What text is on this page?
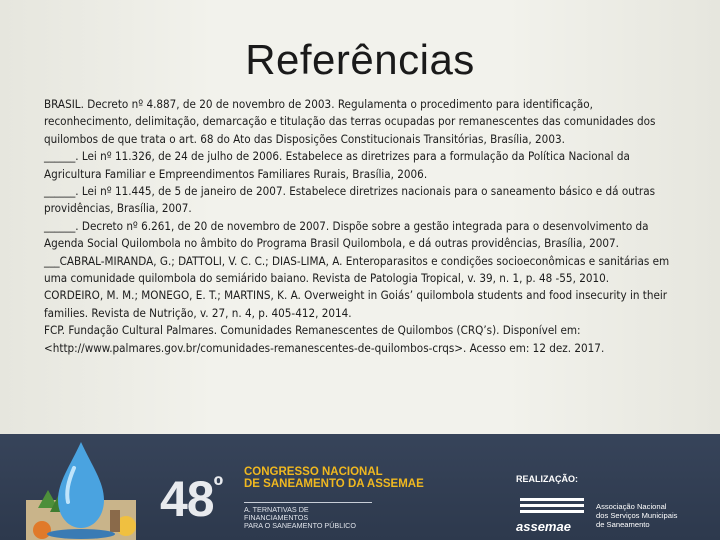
Referências

BRASIL. Decreto nº 4.887, de 20 de novembro de 2003. Regulamenta o procedimento para identificação, reconhecimento, delimitação, demarcação e titulação das terras ocupadas por remanescentes das comunidades dos quilombos de que trata o art. 68 do Ato das Disposições Constitucionais Transitórias, Brasília, 2003.

______. Lei nº 11.326, de 24 de julho de 2006. Estabelece as diretrizes para a formulação da Política Nacional da Agricultura Familiar e Empreendimentos Familiares Rurais, Brasília, 2006.

______. Lei nº 11.445, de 5 de janeiro de 2007. Estabelece diretrizes nacionais para o saneamento básico e dá outras providências, Brasília, 2007.

______. Decreto nº 6.261, de 20 de novembro de 2007. Dispõe sobre a gestão integrada para o desenvolvimento da Agenda Social Quilombola no âmbito do Programa Brasil Quilombola, e dá outras providências, Brasília, 2007.

___CABRAL-MIRANDA, G.; DATTOLI, V. C. C.; DIAS-LIMA, A. Enteroparasitos e condições socioeconômicas e sanitárias em uma comunidade quilombola do semiárido baiano. Revista de Patologia Tropical, v. 39, n. 1, p. 48 -55, 2010.

CORDEIRO, M. M.; MONEGO, E. T.; MARTINS, K. A. Overweight in Goiás’ quilombola students and food insecurity in their families. Revista de Nutrição, v. 27, n. 4, p. 405-412, 2014.

FCP. Fundação Cultural Palmares. Comunidades Remanescentes de Quilombos (CRQ’s). Disponível em: <http://www.palmares.gov.br/comunidades-remanescentes-de-quilombos-crqs>. Acesso em: 12 dez. 2017.

$48^º$ CONGRESSO NACIONAL
DE SANEAMENTO DA ASSEMAE
A. TERNATIVAS DE FINANCIAMENTOS
PARA O SANEAMENTO PÚBLICO
REALIZAÇÃO:
assemae
Associação Nacional
dos Serviços Municipais
de Saneamento
